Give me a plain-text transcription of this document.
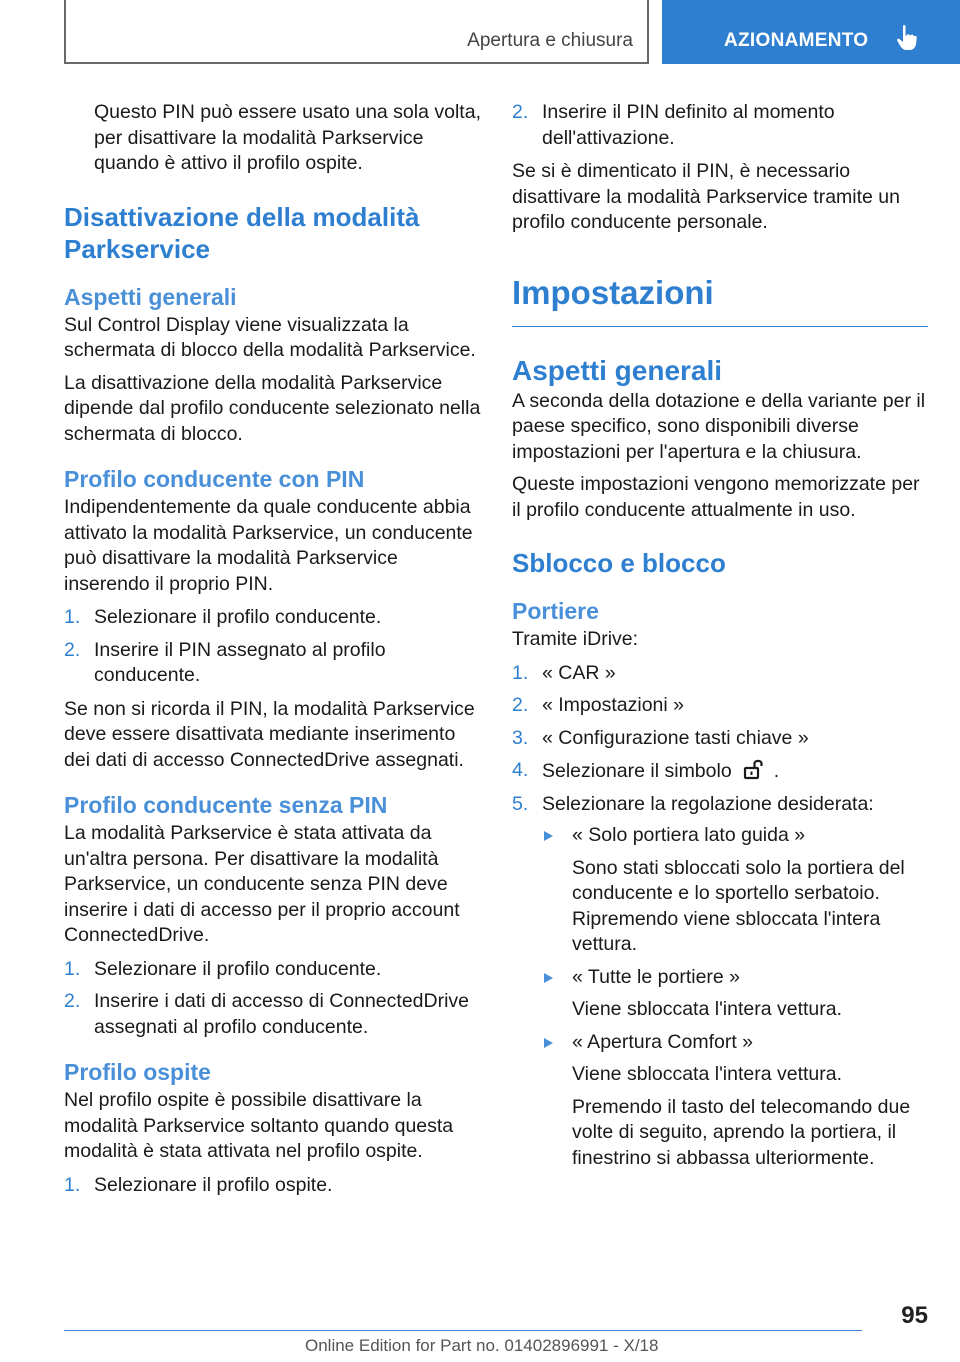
Apertura e chiusura	AZIONAMENTO

Questo PIN può essere usato una sola volta, per disattivare la modalità Parkservice quando è attivo il profilo ospite.

Disattivazione della modalità Parkservice
Aspetti generali

Sul Control Display viene visualizzata la schermata di blocco della modalità Parkservice.

La disattivazione della modalità Parkservice dipende dal profilo conducente selezionato nella schermata di blocco.

Profilo conducente con PIN

Indipendentemente da quale conducente abbia attivato la modalità Parkservice, un conducente può disattivare la modalità Parkservice inserendo il proprio PIN.

1. Selezionare il profilo conducente.
2. Inserire il PIN assegnato al profilo conducente.

Se non si ricorda il PIN, la modalità Parkservice deve essere disattivata mediante inserimento dei dati di accesso ConnectedDrive assegnati.

Profilo conducente senza PIN

La modalità Parkservice è stata attivata da un'altra persona. Per disattivare la modalità Parkservice, un conducente senza PIN deve inserire i dati di accesso per il proprio account ConnectedDrive.

1. Selezionare il profilo conducente.
2. Inserire i dati di accesso di ConnectedDrive assegnati al profilo conducente.
Profilo ospite

Nel profilo ospite è possibile disattivare la modalità Parkservice soltanto quando questa modalità è stata attivata nel profilo ospite.

1. Selezionare il profilo ospite.
2. Inserire il PIN definito al momento dell'attivazione.

Se si è dimenticato il PIN, è necessario disattivare la modalità Parkservice tramite un profilo conducente personale.

Impostazioni
Aspetti generali

A seconda della dotazione e della variante per il paese specifico, sono disponibili diverse impostazioni per l'apertura e la chiusura.

Queste impostazioni vengono memorizzate per il profilo conducente attualmente in uso.

Sblocco e blocco
Portiere

Tramite iDrive:

1. « CAR »
2. « Impostazioni »
3. « Configurazione tasti chiave »
4. Selezionare il simbolo .
5. Selezionare la regolazione desiderata:
« Solo portiera lato guida »
Sono stati sbloccati solo la portiera del conducente e lo sportello serbatoio. Ripremendo viene sbloccata l'intera vettura.
« Tutte le portiere »
Viene sbloccata l'intera vettura.
« Apertura Comfort »
Viene sbloccata l'intera vettura.
Premendo il tasto del telecomando due volte di seguito, aprendo la portiera, il finestrino si abbassa ulteriormente.
95
Online Edition for Part no. 01402896991 - X/18
